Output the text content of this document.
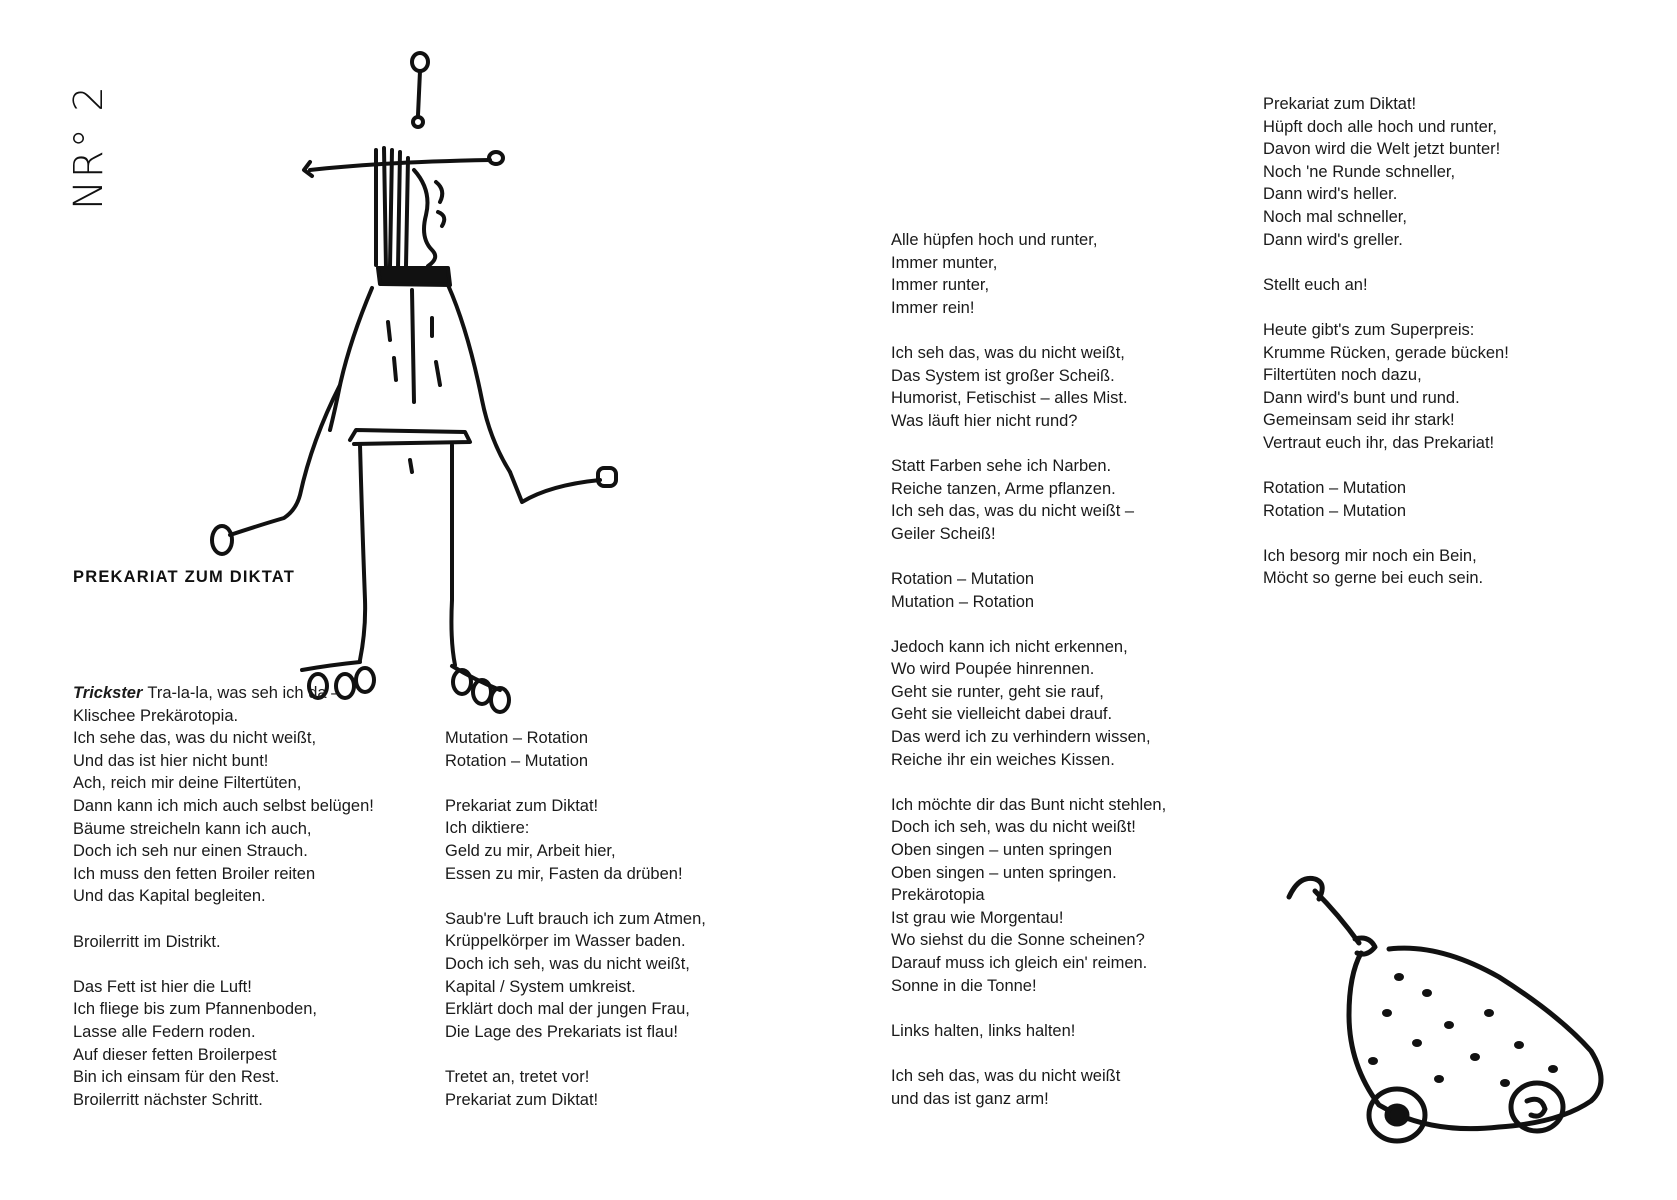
NR° 2
PREKARIAT ZUM DIKTAT
Trickster Tra-la-la, was seh ich da –
Klischee Prekärotopia.
Ich sehe das, was du nicht weißt,
Und das ist hier nicht bunt!
Ach, reich mir deine Filtertüten,
Dann kann ich mich auch selbst belügen!
Bäume streicheln kann ich auch,
Doch ich seh nur einen Strauch.
Ich muss den fetten Broiler reiten
Und das Kapital begleiten.
Broilerritt im Distrikt.
Das Fett ist hier die Luft!
Ich fliege bis zum Pfannenboden,
Lasse alle Federn roden.
Auf dieser fetten Broilerpest
Bin ich einsam für den Rest.
Broilerritt nächster Schritt.
Mutation – Rotation
Rotation – Mutation
Prekariat zum Diktat!
Ich diktiere:
Geld zu mir, Arbeit hier,
Essen zu mir, Fasten da drüben!
Saub're Luft brauch ich zum Atmen,
Krüppelkörper im Wasser baden.
Doch ich seh, was du nicht weißt,
Kapital / System umkreist.
Erklärt doch mal der jungen Frau,
Die Lage des Prekariats ist flau!
Tretet an, tretet vor!
Prekariat zum Diktat!
Alle hüpfen hoch und runter,
Immer munter,
Immer runter,
Immer rein!
Ich seh das, was du nicht weißt,
Das System ist großer Scheiß.
Humorist, Fetischist – alles Mist.
Was läuft hier nicht rund?
Statt Farben sehe ich Narben.
Reiche tanzen, Arme pflanzen.
Ich seh das, was du nicht weißt –
Geiler Scheiß!
Rotation – Mutation
Mutation – Rotation
Jedoch kann ich nicht erkennen,
Wo wird Poupée hinrennen.
Geht sie runter, geht sie rauf,
Geht sie vielleicht dabei drauf.
Das werd ich zu verhindern wissen,
Reiche ihr ein weiches Kissen.
Ich möchte dir das Bunt nicht stehlen,
Doch ich seh, was du nicht weißt!
Oben singen – unten springen
Oben singen – unten springen.
Prekärotopia
Ist grau wie Morgentau!
Wo siehst du die Sonne scheinen?
Darauf muss ich gleich ein' reimen.
Sonne in die Tonne!
Links halten, links halten!
Ich seh das, was du nicht weißt
und das ist ganz arm!
Prekariat zum Diktat!
Hüpft doch alle hoch und runter,
Davon wird die Welt jetzt bunter!
Noch 'ne Runde schneller,
Dann wird's heller.
Noch mal schneller,
Dann wird's greller.
Stellt euch an!
Heute gibt's zum Superpreis:
Krumme Rücken, gerade bücken!
Filtertüten noch dazu,
Dann wird's bunt und rund.
Gemeinsam seid ihr stark!
Vertraut euch ihr, das Prekariat!
Rotation – Mutation
Rotation – Mutation
Ich besorg mir noch ein Bein,
Möcht so gerne bei euch sein.
